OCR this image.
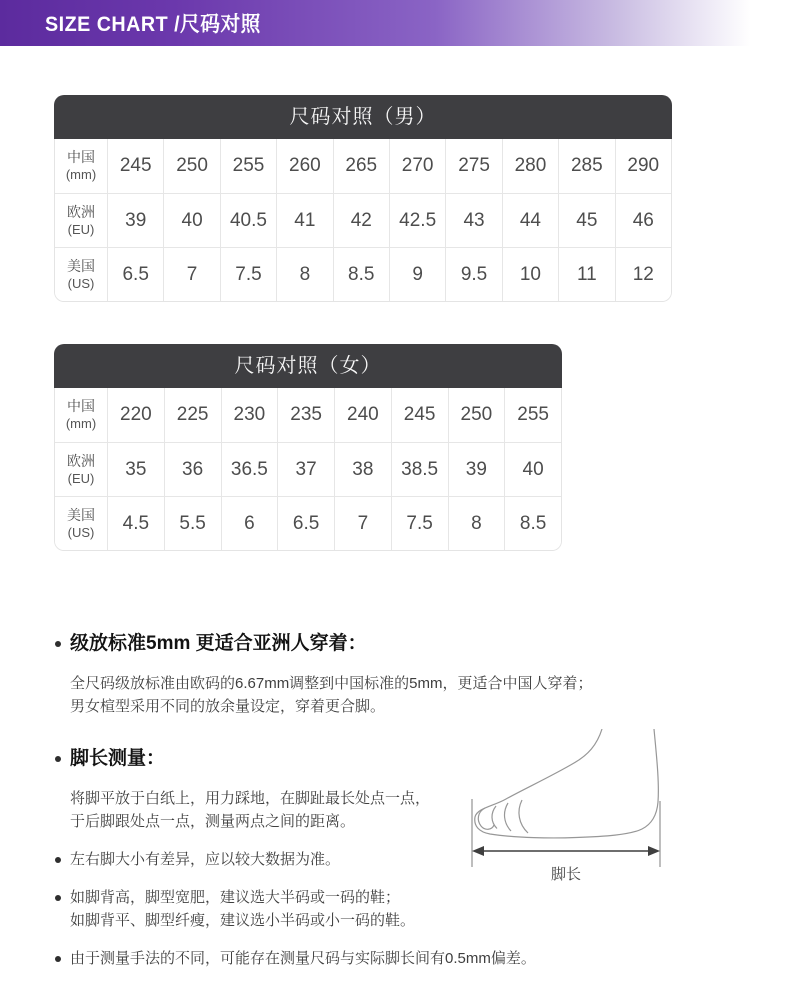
SIZE CHART /尺码对照
尺码对照（男）
中国
(mm)	245	250	255	260	265	270	275	280	285	290

欧洲
(EU)	39	40	40.5	41	42	42.5	43	44	45	46

美国
(US)	6.5	7	7.5	8	8.5	9	9.5	10	11	12
尺码对照（女）
中国
(mm)	220	225	230	235	240	245	250	255

欧洲
(EU)	35	36	36.5	37	38	38.5	39	40

美国
(US)	4.5	5.5	6	6.5	7	7.5	8	8.5
级放标准5mm 更适合亚洲人穿着：
全尺码级放标准由欧码的6.67mm调整到中国标准的5mm，更适合中国人穿着；
男女楦型采用不同的放余量设定，穿着更合脚。
脚长测量：
将脚平放于白纸上，用力踩地，在脚趾最长处点一点，
于后脚跟处点一点，测量两点之间的距离。
左右脚大小有差异，应以较大数据为准。
如脚背高，脚型宽肥，建议选大半码或一码的鞋；
如脚背平、脚型纤瘦，建议选小半码或小一码的鞋。
由于测量手法的不同，可能存在测量尺码与实际脚长间有0.5mm偏差。
脚长
